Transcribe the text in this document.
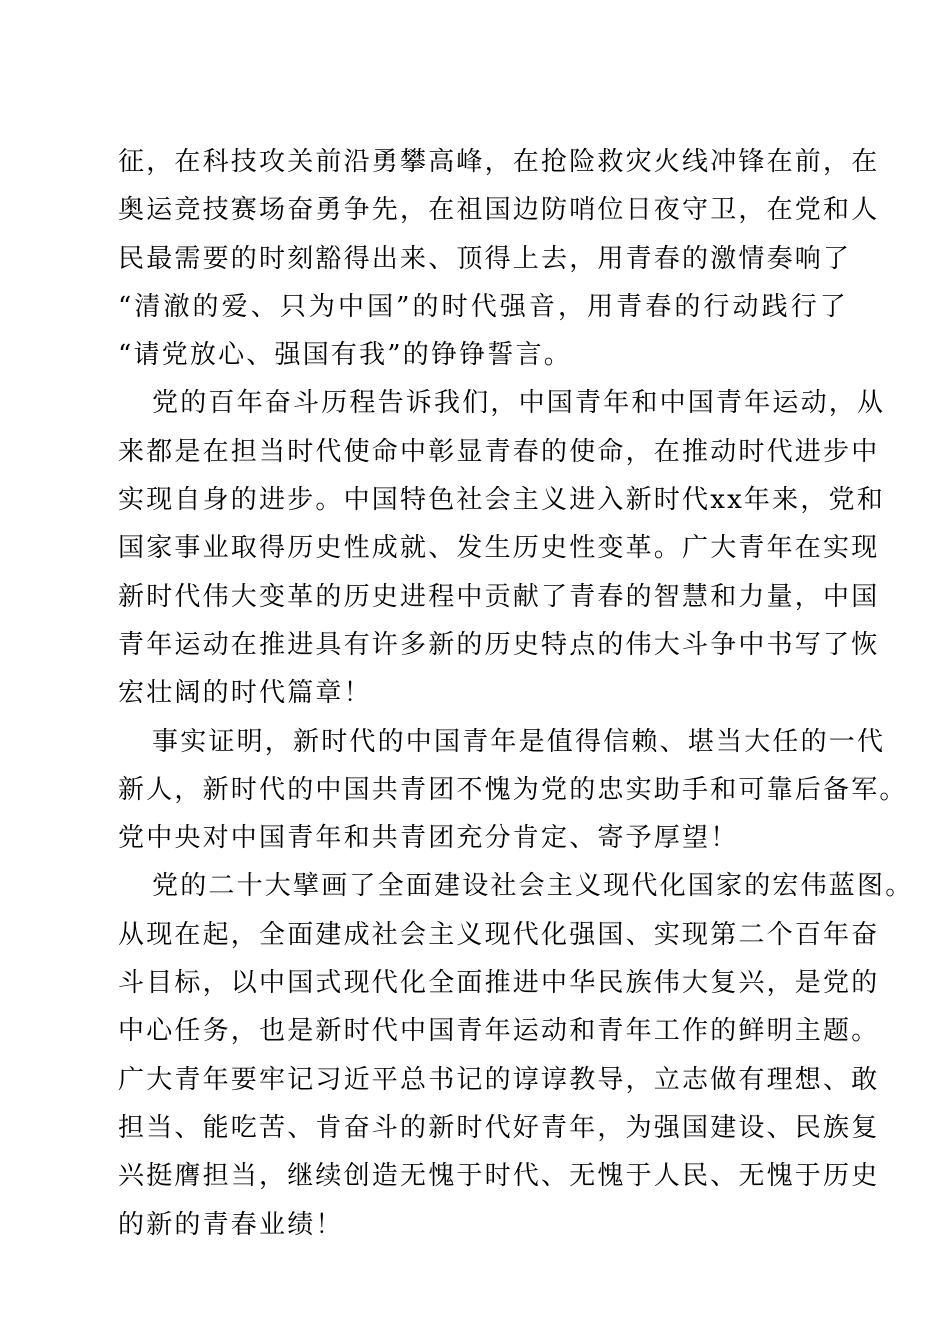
征，在科技攻关前沿勇攀高峰，在抢险救灾火线冲锋在前，在
奥运竞技赛场奋勇争先，在祖国边防哨位日夜守卫，在党和人
民最需要的时刻豁得出来、顶得上去，用青春的激情奏响了
“清澈的爱、只为中国”的时代强音，用青春的行动践行了
“请党放心、强国有我”的铮铮誓言。
党的百年奋斗历程告诉我们，中国青年和中国青年运动，从
来都是在担当时代使命中彰显青春的使命，在推动时代进步中
实现自身的进步。中国特色社会主义进入新时代xx年来，党和
国家事业取得历史性成就、发生历史性变革。广大青年在实现
新时代伟大变革的历史进程中贡献了青春的智慧和力量，中国
青年运动在推进具有许多新的历史特点的伟大斗争中书写了恢
宏壮阔的时代篇章！
事实证明，新时代的中国青年是值得信赖、堪当大任的一代
新人，新时代的中国共青团不愧为党的忠实助手和可靠后备军。
党中央对中国青年和共青团充分肯定、寄予厚望！
党的二十大擘画了全面建设社会主义现代化国家的宏伟蓝图。
从现在起，全面建成社会主义现代化强国、实现第二个百年奋
斗目标，以中国式现代化全面推进中华民族伟大复兴，是党的
中心任务，也是新时代中国青年运动和青年工作的鲜明主题。
广大青年要牢记习近平总书记的谆谆教导，立志做有理想、敢
担当、能吃苦、肯奋斗的新时代好青年，为强国建设、民族复
兴挺膺担当，继续创造无愧于时代、无愧于人民、无愧于历史
的新的青春业绩！
